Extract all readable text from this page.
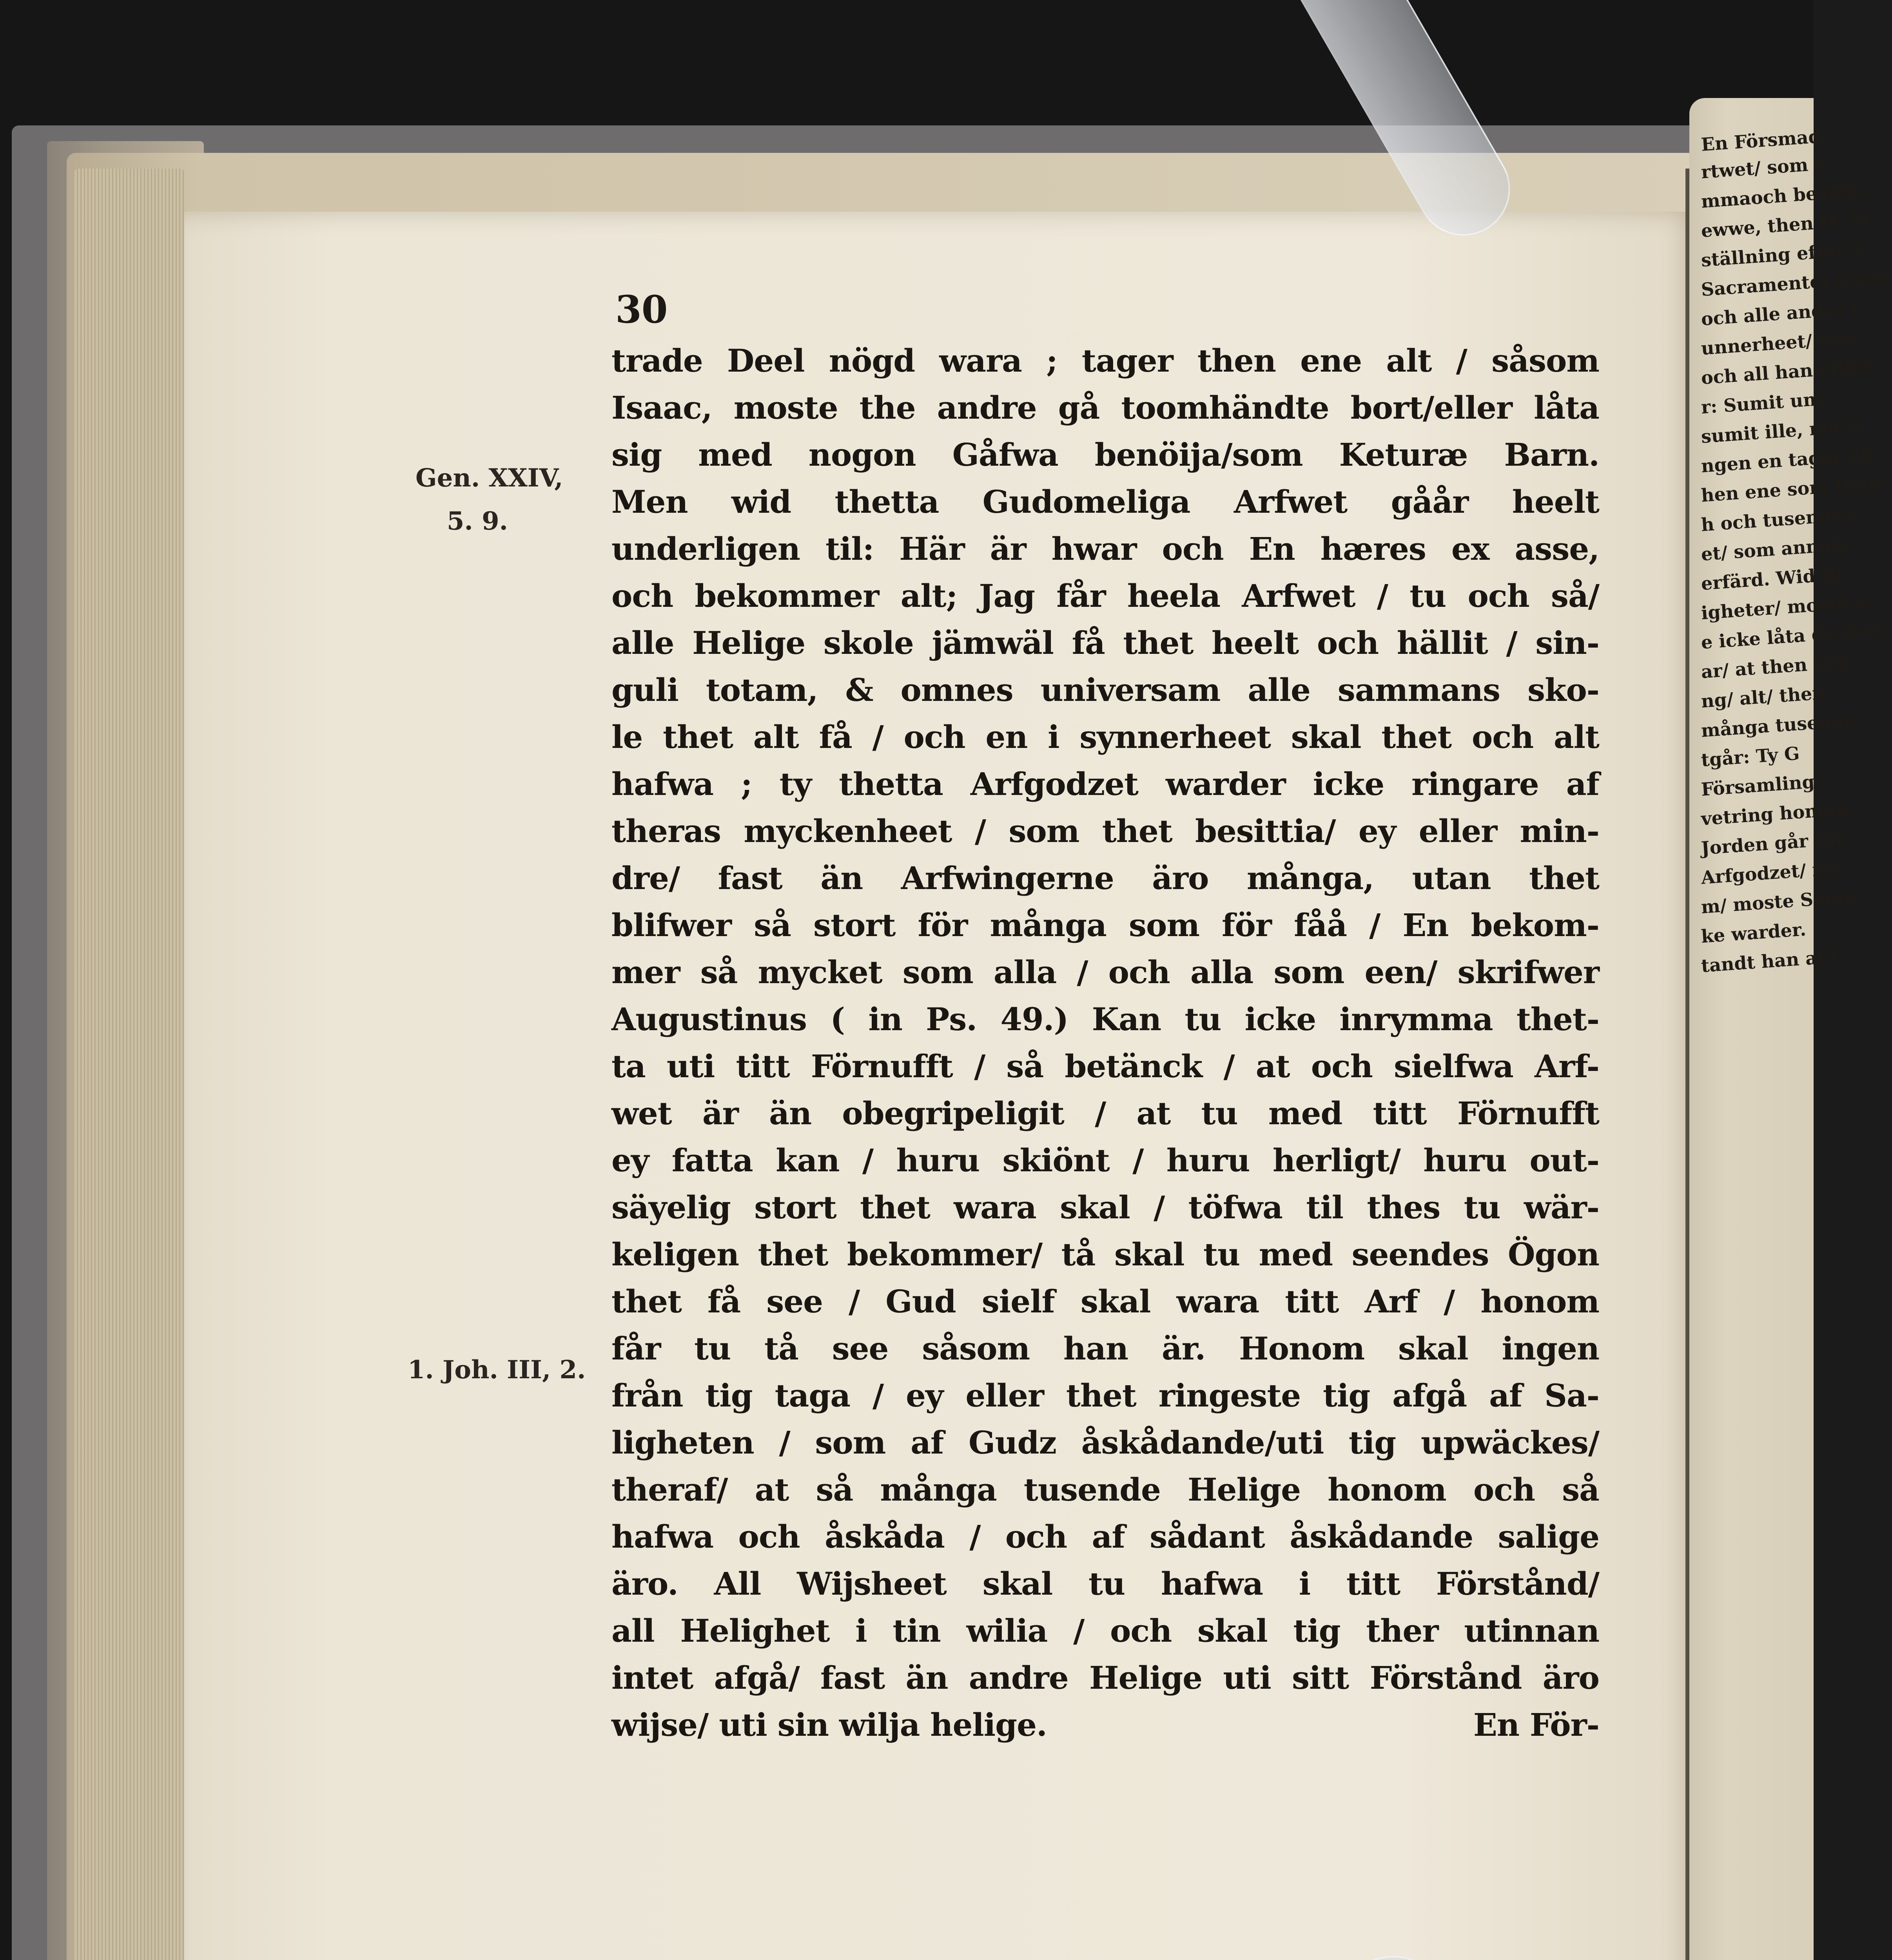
En Försmad
rtwet/ som b
mmaoch besittia
ewwe, then H. M
ställning efter s
Sacramentet anam
och alle andre C
unnerheet/ wäs
och all hans Blod
r: Sumit uno
sumit ille, nec s
ngen en tager ell
hen ene som then
h och tusende s
et/ som annam
erfärd. Wid th
igheter/ moste w
e icke låta de ther
ar/ at then ene
ng/ alt/ then
många tusende
tgår: Ty G
Församling/
vetring honom
Jorden går the
Arfgodzet/ mo
m/ moste Soner
ke warder.
tandt han af G
30
Gen. XXIV,
5. 9.
1. Joh. III, 2.
trade Deel nögd wara ; tager then ene alt / såsom
Isaac, moste the andre gå toomhändte bort/eller låta
sig med nogon Gåfwa benöija/som Keturæ Barn.
Men wid thetta Gudomeliga Arfwet gåår heelt
underligen til: Här är hwar och En hæres ex asse,
och bekommer alt; Jag får heela Arfwet / tu och så/
alle Helige skole jämwäl få thet heelt och hällit / sin-
guli totam, & omnes universam alle sammans sko-
le thet alt få / och en i synnerheet skal thet och alt
hafwa ; ty thetta Arfgodzet warder icke ringare af
theras myckenheet / som thet besittia/ ey eller min-
dre/ fast än Arfwingerne äro många, utan thet
blifwer så stort för många som för fåå / En bekom-
mer så mycket som alla / och alla som een/ skrifwer
Augustinus ( in Ps. 49.) Kan tu icke inrymma thet-
ta uti titt Förnufft / så betänck / at och sielfwa Arf-
wet är än obegripeligit / at tu med titt Förnufft
ey fatta kan / huru skiönt / huru herligt/ huru out-
säyelig stort thet wara skal / töfwa til thes tu wär-
keligen thet bekommer/ tå skal tu med seendes Ögon
thet få see / Gud sielf skal wara titt Arf / honom
får tu tå see såsom han är. Honom skal ingen
från tig taga / ey eller thet ringeste tig afgå af Sa-
ligheten / som af Gudz åskådande/uti tig upwäckes/
theraf/ at så många tusende Helige honom och så
hafwa och åskåda / och af sådant åskådande salige
äro. All Wijsheet skal tu hafwa i titt Förstånd/
all Helighet i tin wilia / och skal tig ther utinnan
intet afgå/ fast än andre Helige uti sitt Förstånd äro
wijse/ uti sin wilja helige.	En För-
